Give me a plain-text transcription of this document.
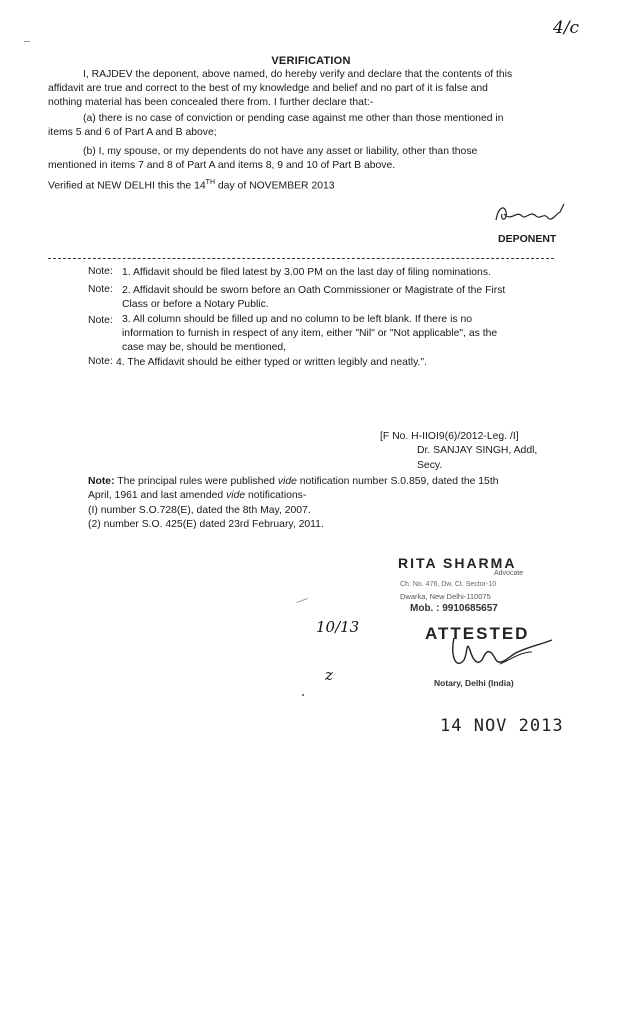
4/c
VERIFICATION
I, RAJDEV the deponent, above named, do hereby verify and declare that the contents of this
affidavit are true and correct to the best of my knowledge and belief and no part of it is false and
nothing material has been concealed there from. I further declare that:-
(a) there is no case of conviction or pending case against me other than those mentioned in
items 5 and 6 of Part A and B above;
(b) I, my spouse, or my dependents do not have any asset or liability, other than those
mentioned in items 7 and 8 of Part A and items 8, 9 and 10 of Part B above.
Verified at NEW DELHI this the 14TH day of NOVEMBER 2013
DEPONENT
Note: 1. Affidavit should be filed latest by 3.00 PM on the last day of filing nominations.
Note: 2. Affidavit should be sworn before an Oath Commissioner or Magistrate of the First
Class or before a Notary Public.
Note: 3. All column should be filled up and no column to be left blank. If there is no
information to furnish in respect of any item, either "Nil" or "Not applicable", as the
case may be, should be mentioned,
Note: 4. The Affidavit should be either typed or written legibly and neatly.".
[F No. H-IIOI9(6)/2012-Leg. /I]
Dr. SANJAY SINGH, Addl,
Secy.
Note: The principal rules were published vide notification number S.0.859, dated the 15th
April, 1961 and last amended vide notifications-
(I) number S.O.728(E), dated the 8th May, 2007.
(2) number S.O. 425(E) dated 23rd February, 2011.
RITA SHARMA
Advocate
Ch. No. 476, Dw. Ct. Sector-10
Dwarka, New Delhi-110075
Mob. : 9910685657
ATTESTED
Notary, Delhi (India)
10/13
z
14 NOV 2013
